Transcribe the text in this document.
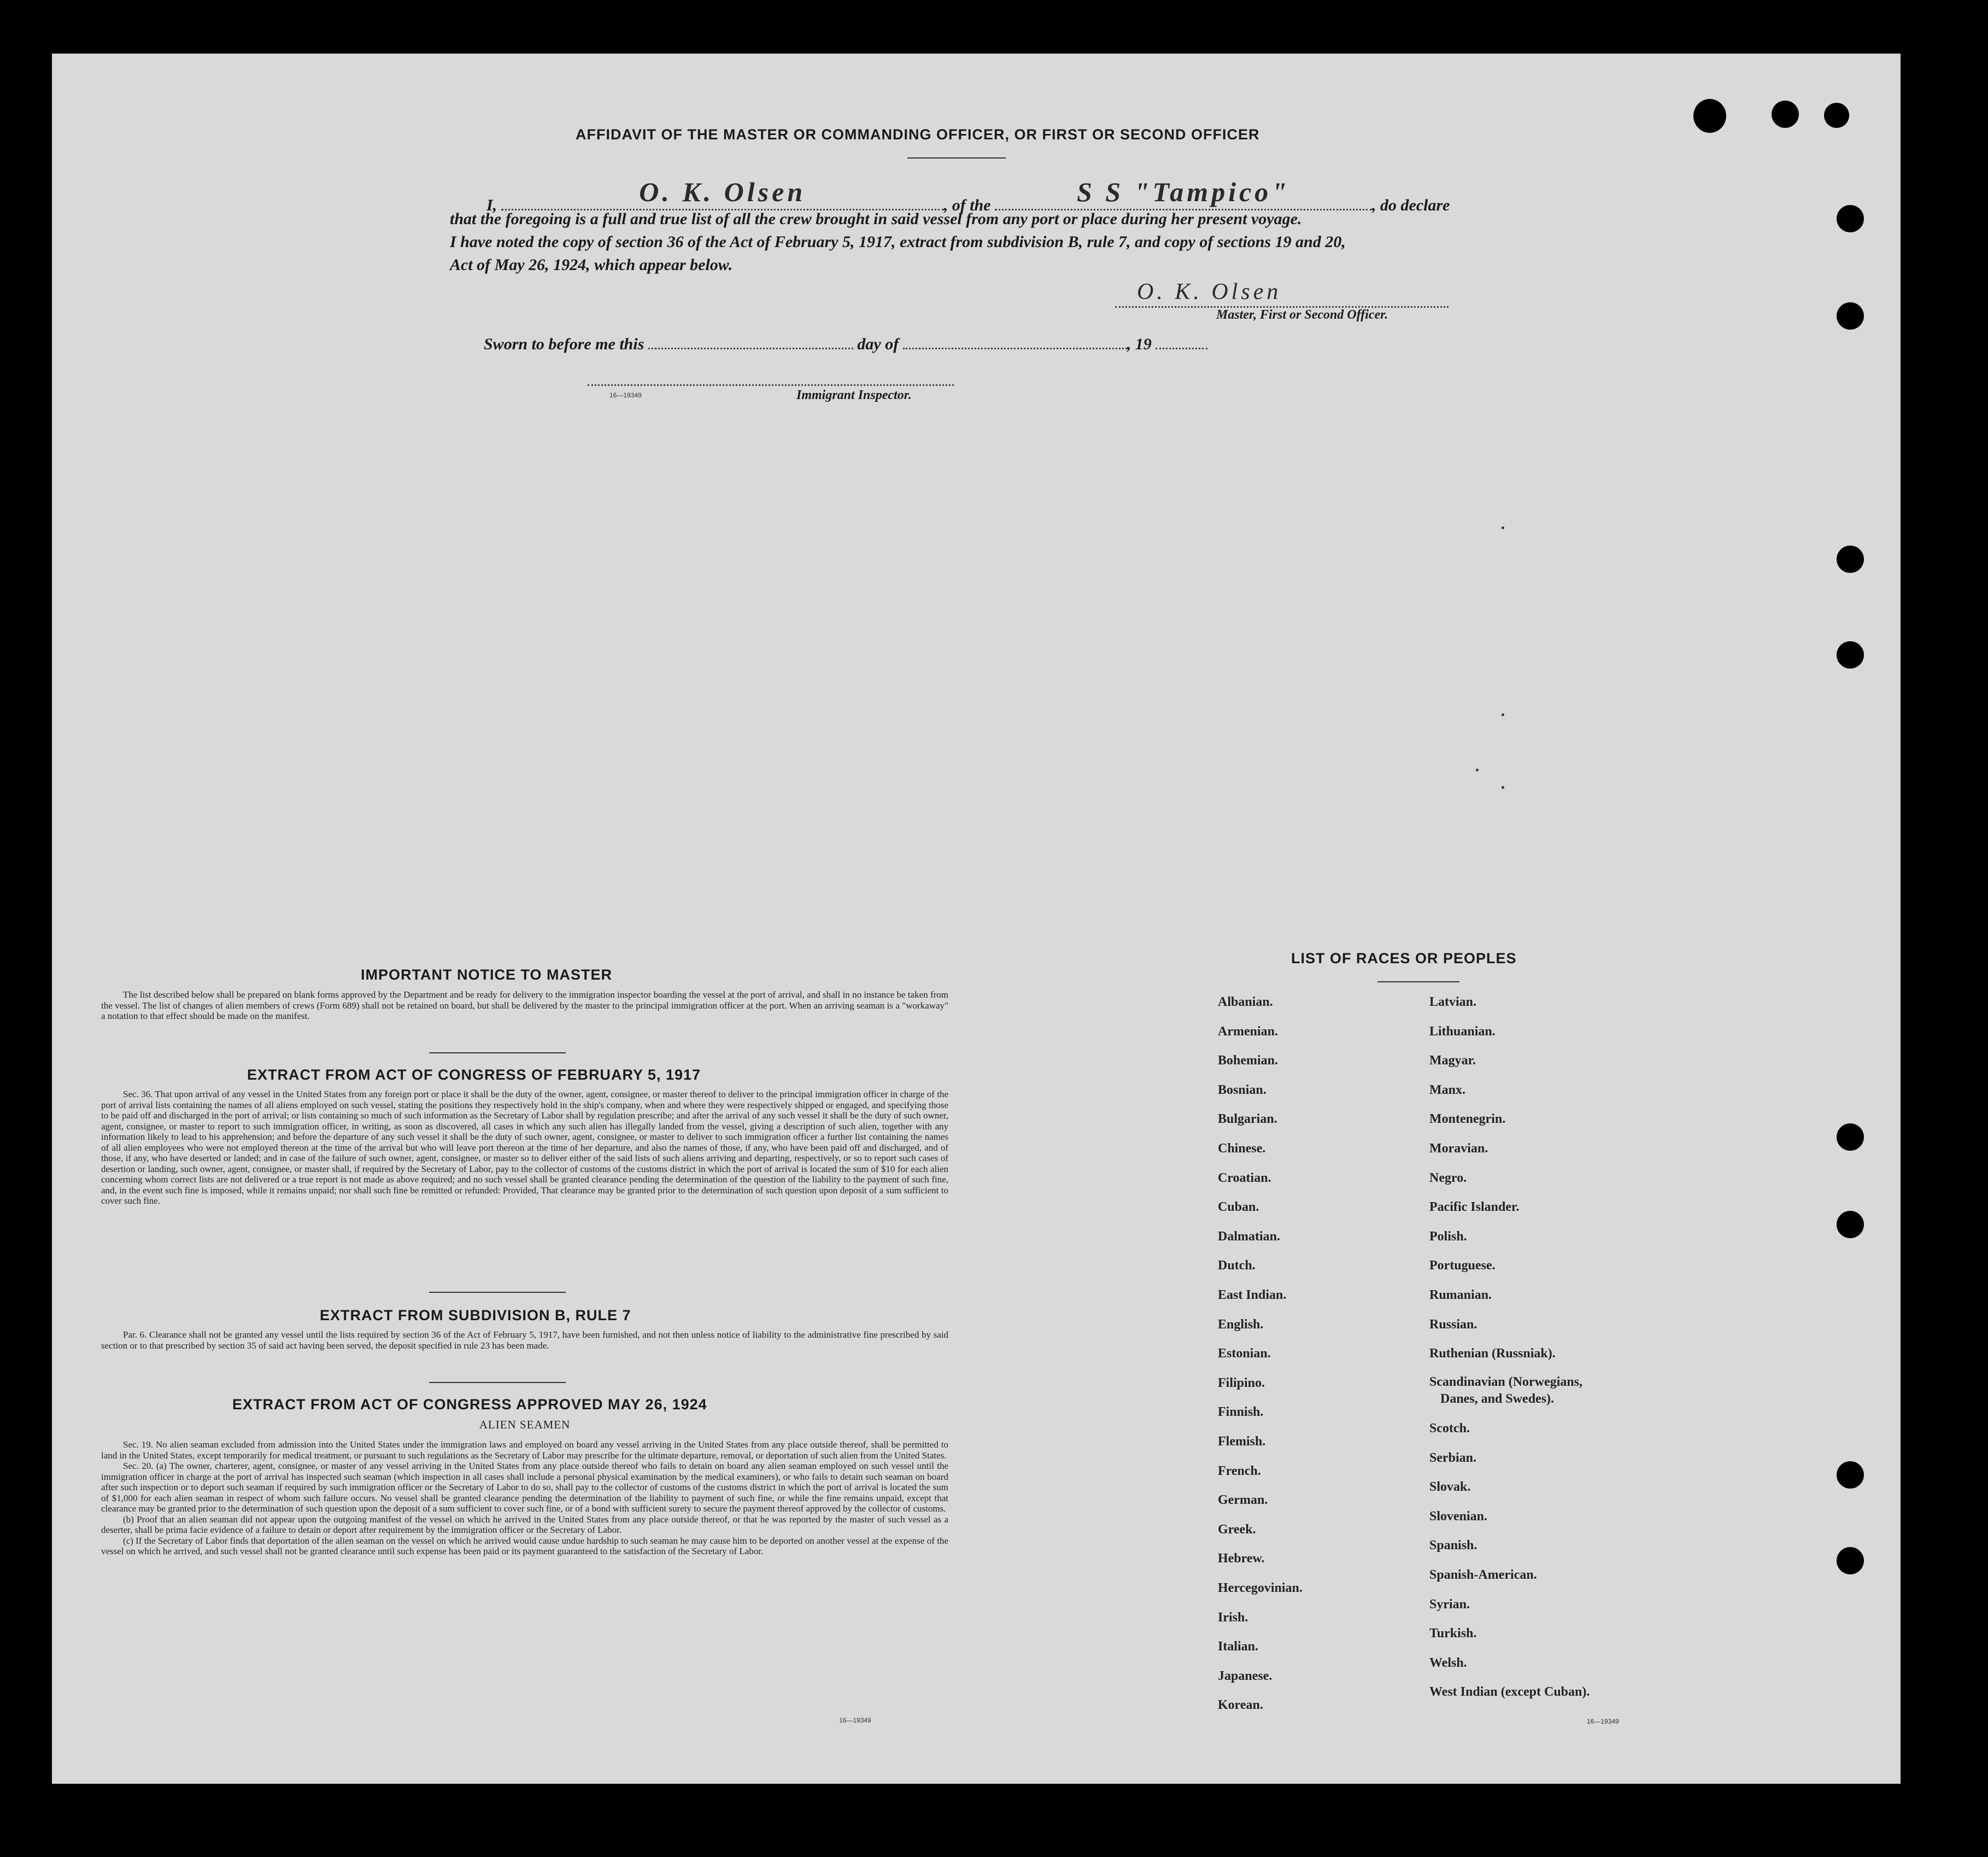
AFFIDAVIT OF THE MASTER OR COMMANDING OFFICER, OR FIRST OR SECOND OFFICER
I,	O. K. Olsen	, of the	S S "Tampico"	, do declare
that the foregoing is a full and true list of all the crew brought in said vessel from any port or place during her present voyage.
I have noted the copy of section 36 of the Act of February 5, 1917, extract from subdivision B, rule 7, and copy of sections 19 and 20,
Act of May 26, 1924, which appear below.
O. K. Olsen
Master, First or Second Officer.
Sworn to before me this	day of	, 19
16—19349	Immigrant Inspector.
IMPORTANT NOTICE TO MASTER

The list described below shall be prepared on blank forms approved by the Department and be ready for delivery to the immigration inspector boarding the vessel at the port of arrival, and shall in no instance be taken from the vessel. The list of changes of alien members of crews (Form 689) shall not be retained on board, but shall be delivered by the master to the principal immigration officer at the port. When an arriving seaman is a "workaway" a notation to that effect should be made on the manifest.

EXTRACT FROM ACT OF CONGRESS OF FEBRUARY 5, 1917

Sec. 36. That upon arrival of any vessel in the United States from any foreign port or place it shall be the duty of the owner, agent, consignee, or master thereof to deliver to the principal immigration officer in charge of the port of arrival lists containing the names of all aliens employed on such vessel, stating the positions they respectively hold in the ship's company, when and where they were respectively shipped or engaged, and specifying those to be paid off and discharged in the port of arrival; or lists containing so much of such information as the Secretary of Labor shall by regulation prescribe; and after the arrival of any such vessel it shall be the duty of such owner, agent, consignee, or master to report to such immigration officer, in writing, as soon as discovered, all cases in which any such alien has illegally landed from the vessel, giving a description of such alien, together with any information likely to lead to his apprehension; and before the departure of any such vessel it shall be the duty of such owner, agent, consignee, or master to deliver to such immigration officer a further list containing the names of all alien employees who were not employed thereon at the time of the arrival but who will leave port thereon at the time of her departure, and also the names of those, if any, who have been paid off and discharged, and of those, if any, who have deserted or landed; and in case of the failure of such owner, agent, consignee, or master so to deliver either of the said lists of such aliens arriving and departing, respectively, or so to report such cases of desertion or landing, such owner, agent, consignee, or master shall, if required by the Secretary of Labor, pay to the collector of customs of the customs district in which the port of arrival is located the sum of $10 for each alien concerning whom correct lists are not delivered or a true report is not made as above required; and no such vessel shall be granted clearance pending the determination of the question of the liability to the payment of such fine, and, in the event such fine is imposed, while it remains unpaid; nor shall such fine be remitted or refunded: Provided, That clearance may be granted prior to the determination of such question upon deposit of a sum sufficient to cover such fine.

EXTRACT FROM SUBDIVISION B, RULE 7

Par. 6. Clearance shall not be granted any vessel until the lists required by section 36 of the Act of February 5, 1917, have been furnished, and not then unless notice of liability to the administrative fine prescribed by said section or to that prescribed by section 35 of said act having been served, the deposit specified in rule 23 has been made.

EXTRACT FROM ACT OF CONGRESS APPROVED MAY 26, 1924
ALIEN SEAMEN

Sec. 19. No alien seaman excluded from admission into the United States under the immigration laws and employed on board any vessel arriving in the United States from any place outside thereof, shall be permitted to land in the United States, except temporarily for medical treatment, or pursuant to such regulations as the Secretary of Labor may prescribe for the ultimate departure, removal, or deportation of such alien from the United States.

Sec. 20. (a) The owner, charterer, agent, consignee, or master of any vessel arriving in the United States from any place outside thereof who fails to detain on board any alien seaman employed on such vessel until the immigration officer in charge at the port of arrival has inspected such seaman (which inspection in all cases shall include a personal physical examination by the medical examiners), or who fails to detain such seaman on board after such inspection or to deport such seaman if required by such immigration officer or the Secretary of Labor to do so, shall pay to the collector of customs of the customs district in which the port of arrival is located the sum of $1,000 for each alien seaman in respect of whom such failure occurs. No vessel shall be granted clearance pending the determination of the liability to payment of such fine, or while the fine remains unpaid, except that clearance may be granted prior to the determination of such question upon the deposit of a sum sufficient to cover such fine, or of a bond with sufficient surety to secure the payment thereof approved by the collector of customs.

(b) Proof that an alien seaman did not appear upon the outgoing manifest of the vessel on which he arrived in the United States from any place outside thereof, or that he was reported by the master of such vessel as a deserter, shall be prima facie evidence of a failure to detain or deport after requirement by the immigration officer or the Secretary of Labor.

(c) If the Secretary of Labor finds that deportation of the alien seaman on the vessel on which he arrived would cause undue hardship to such seaman he may cause him to be deported on another vessel at the expense of the vessel on which he arrived, and such vessel shall not be granted clearance until such expense has been paid or its payment guaranteed to the satisfaction of the Secretary of Labor.

16—19349
LIST OF RACES OR PEOPLES
Albanian.
Armenian.
Bohemian.
Bosnian.
Bulgarian.
Chinese.
Croatian.
Cuban.
Dalmatian.
Dutch.
East Indian.
English.
Estonian.
Filipino.
Finnish.
Flemish.
French.
German.
Greek.
Hebrew.
Hercegovinian.
Irish.
Italian.
Japanese.
Korean.
Latvian.
Lithuanian.
Magyar.
Manx.
Montenegrin.
Moravian.
Negro.
Pacific Islander.
Polish.
Portuguese.
Rumanian.
Russian.
Ruthenian (Russniak).
Scandinavian (Norwegians,
Danes, and Swedes).
Scotch.
Serbian.
Slovak.
Slovenian.
Spanish.
Spanish-American.
Syrian.
Turkish.
Welsh.
West Indian (except Cuban).
16—19349
